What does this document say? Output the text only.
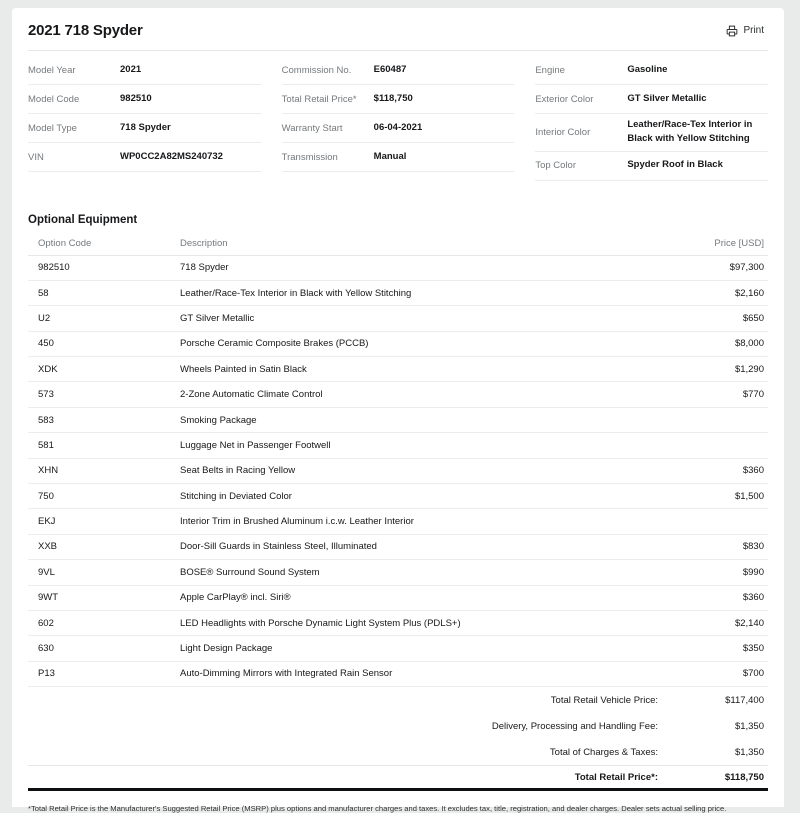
2021 718 Spyder	Print
Model Year	2021
Model Code	982510
Model Type	718 Spyder
VIN	WP0CC2A82MS240732
Commission No.	E60487
Total Retail Price*	$118,750
Warranty Start	06-04-2021
Transmission	Manual
Engine	Gasoline
Exterior Color	GT Silver Metallic
Interior Color
Leather/Race-Tex Interior in Black with Yellow Stitching
Top Color	Spyder Roof in Black
Optional Equipment
Option Code	Description	Price [USD]
982510	718 Spyder	$97,300
58	Leather/Race-Tex Interior in Black with Yellow Stitching	$2,160
U2	GT Silver Metallic	$650
450	Porsche Ceramic Composite Brakes (PCCB)	$8,000
XDK	Wheels Painted in Satin Black	$1,290
573	2-Zone Automatic Climate Control	$770
583	Smoking Package
581	Luggage Net in Passenger Footwell
XHN	Seat Belts in Racing Yellow	$360
750	Stitching in Deviated Color	$1,500
EKJ	Interior Trim in Brushed Aluminum i.c.w. Leather Interior
XXB	Door-Sill Guards in Stainless Steel, Illuminated	$830
9VL	BOSE® Surround Sound System	$990
9WT	Apple CarPlay® incl. Siri®	$360
602	LED Headlights with Porsche Dynamic Light System Plus (PDLS+)	$2,140
630	Light Design Package	$350
P13	Auto-Dimming Mirrors with Integrated Rain Sensor	$700
Total Retail Vehicle Price:	$117,400
Delivery, Processing and Handling Fee:	$1,350
Total of Charges & Taxes:	$1,350
Total Retail Price*:	$118,750
*Total Retail Price is the Manufacturer's Suggested Retail Price (MSRP) plus options and manufacturer charges and taxes. It excludes tax, title, registration, and dealer charges. Dealer sets actual selling price.
